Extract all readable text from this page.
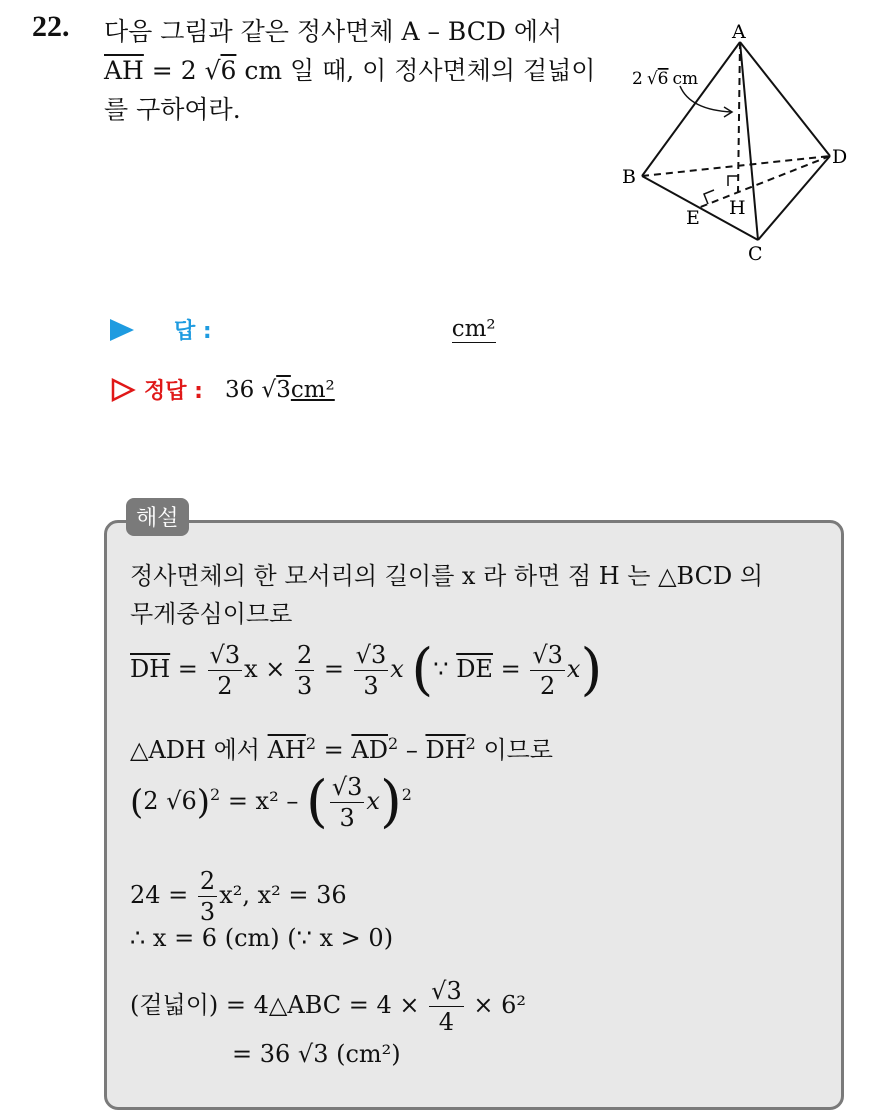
22. 다음 그림과 같은 정사면체 A – BCD 에서
$\overline{AH} = 2$ √6 cm 일 때, 이 정사면체의 겉넓이
를 구하여라.
A
B
C
D
E H
2 √6 cm
답 :	cm²
정답 : 36 √3cm²
해설
정사면체의 한 모서리의 길이를 x 라 하면 점 H 는 △BCD 의
무게중심이므로
$\overline{DH} = \frac{√3}{2}$ $x \times \frac{2}{3} = \frac{√3}{3}$ x (∵ $\overline{DE} = \frac{√3}{2} x$)
△ADH 에서 $\overline{AH}^2 = \overline{AD}^2 - \overline{DH}^2$ 이므로
(2 √6)$^2$ = x² – ( $\frac{√3}{3} x)^2$
$24 = \frac{2}{3} x^2$, x² = 36
∴ x = 6 (cm) (∵ x > 0)
(겉넓이) = 4△ABC = $4 \times \frac{√3}{4} \times 6^2$
= 36 √3 (cm²)
